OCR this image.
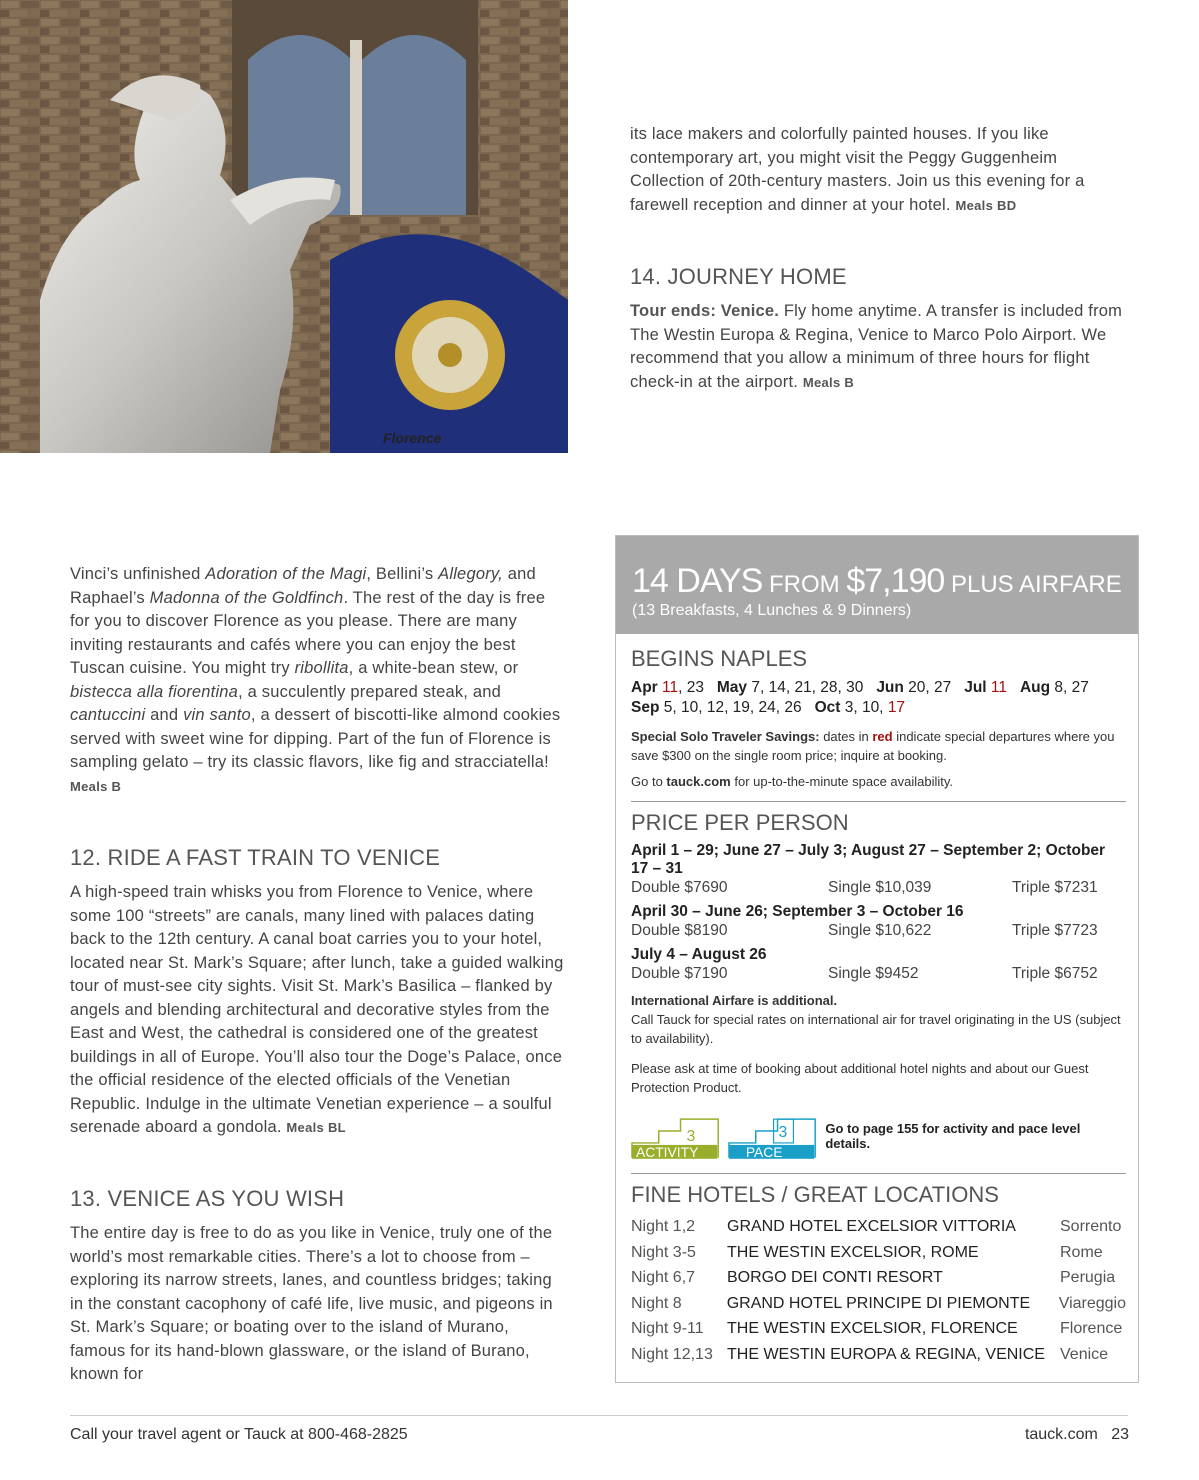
Florence

its lace makers and colorfully painted houses. If you like contemporary art, you might visit the Peggy Guggenheim Collection of 20th-century masters. Join us this evening for a farewell reception and dinner at your hotel. Meals BD

14. JOURNEY HOME

Tour ends: Venice. Fly home anytime. A transfer is included from The Westin Europa & Regina, Venice to Marco Polo Airport. We recommend that you allow a minimum of three hours for flight check-in at the airport. Meals B

Vinci’s unfinished Adoration of the Magi, Bellini’s Allegory, and Raphael’s Madonna of the Goldfinch. The rest of the day is free for you to discover Florence as you please. There are many inviting restaurants and cafés where you can enjoy the best Tuscan cuisine. You might try ribollita, a white-bean stew, or bistecca alla fiorentina, a succulently prepared steak, and cantuccini and vin santo, a dessert of biscotti-like almond cookies served with sweet wine for dipping. Part of the fun of Florence is sampling gelato – try its classic flavors, like fig and stracciatella! Meals B

12. RIDE A FAST TRAIN TO VENICE

A high-speed train whisks you from Florence to Venice, where some 100 “streets” are canals, many lined with palaces dating back to the 12th century. A canal boat carries you to your hotel, located near St. Mark’s Square; after lunch, take a guided walking tour of must-see city sights. Visit St. Mark’s Basilica – flanked by angels and blending architectural and decorative styles from the East and West, the cathedral is considered one of the greatest buildings in all of Europe. You’ll also tour the Doge’s Palace, once the official residence of the elected officials of the Venetian Republic. Indulge in the ultimate Venetian experience – a soulful serenade aboard a gondola. Meals BL

13. VENICE AS YOU WISH

The entire day is free to do as you like in Venice, truly one of the world’s most remarkable cities. There’s a lot to choose from – exploring its narrow streets, lanes, and countless bridges; taking in the constant cacophony of café life, live music, and pigeons in St. Mark’s Square; or boating over to the island of Murano, famous for its hand-blown glassware, or the island of Burano, known for

14 DAYS FROM $7,190 PLUS AIRFARE
(13 Breakfasts, 4 Lunches & 9 Dinners)
BEGINS NAPLES
Apr 11, 23 May 7, 14, 21, 28, 30 Jun 20, 27 Jul 11 Aug 8, 27
Sep 5, 10, 12, 19, 24, 26 Oct 3, 10, 17
Special Solo Traveler Savings: dates in red indicate special departures where you save $300 on the single room price; inquire at booking.
Go to tauck.com for up-to-the-minute space availability.
PRICE PER PERSON
April 1 – 29; June 27 – July 3; August 27 – September 2; October 17 – 31
Double $7690	Single $10,039	Triple $7231
April 30 – June 26; September 3 – October 16
Double $8190	Single $10,622	Triple $7723
July 4 – August 26
Double $7190	Single $9452	Triple $6752
International Airfare is additional.
Call Tauck for special rates on international air for travel originating in the US (subject to availability).
Please ask at time of booking about additional hotel nights and about our Guest Protection Product.
3
ACTIVITY
3
PACE
Go to page 155 for activity and pace level details.
FINE HOTELS / GREAT LOCATIONS
Night 1,2	GRAND HOTEL EXCELSIOR VITTORIA	Sorrento
Night 3-5	THE WESTIN EXCELSIOR, ROME	Rome
Night 6,7	BORGO DEI CONTI RESORT	Perugia
Night 8	GRAND HOTEL PRINCIPE DI PIEMONTE	Viareggio
Night 9-11	THE WESTIN EXCELSIOR, FLORENCE	Florence
Night 12,13 THE WESTIN EUROPA & REGINA, VENICE Venice
Call your travel agent or Tauck at 800-468-2825	tauck.com 23
